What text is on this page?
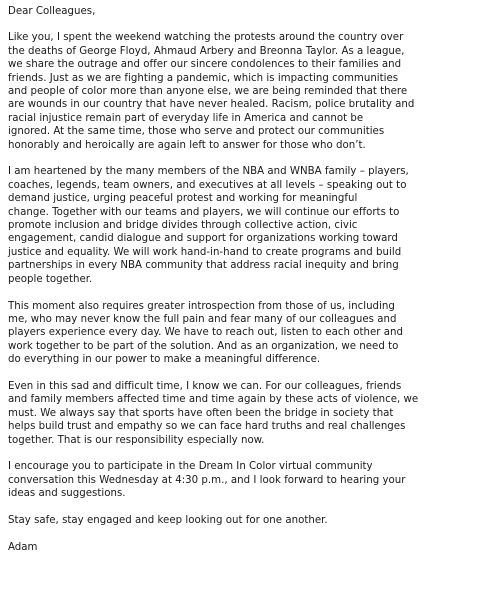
Dear Colleagues,
Like you, I spent the weekend watching the protests around the country over
the deaths of George Floyd, Ahmaud Arbery and Breonna Taylor. As a league,
we share the outrage and offer our sincere condolences to their families and
friends. Just as we are fighting a pandemic, which is impacting communities
and people of color more than anyone else, we are being reminded that there
are wounds in our country that have never healed. Racism, police brutality and
racial injustice remain part of everyday life in America and cannot be
ignored. At the same time, those who serve and protect our communities
honorably and heroically are again left to answer for those who don’t.
I am heartened by the many members of the NBA and WNBA family – players,
coaches, legends, team owners, and executives at all levels – speaking out to
demand justice, urging peaceful protest and working for meaningful
change. Together with our teams and players, we will continue our efforts to
promote inclusion and bridge divides through collective action, civic
engagement, candid dialogue and support for organizations working toward
justice and equality. We will work hand-in-hand to create programs and build
partnerships in every NBA community that address racial inequity and bring
people together.
This moment also requires greater introspection from those of us, including
me, who may never know the full pain and fear many of our colleagues and
players experience every day. We have to reach out, listen to each other and
work together to be part of the solution. And as an organization, we need to
do everything in our power to make a meaningful difference.
Even in this sad and difficult time, I know we can. For our colleagues, friends
and family members affected time and time again by these acts of violence, we
must. We always say that sports have often been the bridge in society that
helps build trust and empathy so we can face hard truths and real challenges
together. That is our responsibility especially now.
I encourage you to participate in the Dream In Color virtual community
conversation this Wednesday at 4:30 p.m., and I look forward to hearing your
ideas and suggestions.
Stay safe, stay engaged and keep looking out for one another.
Adam
